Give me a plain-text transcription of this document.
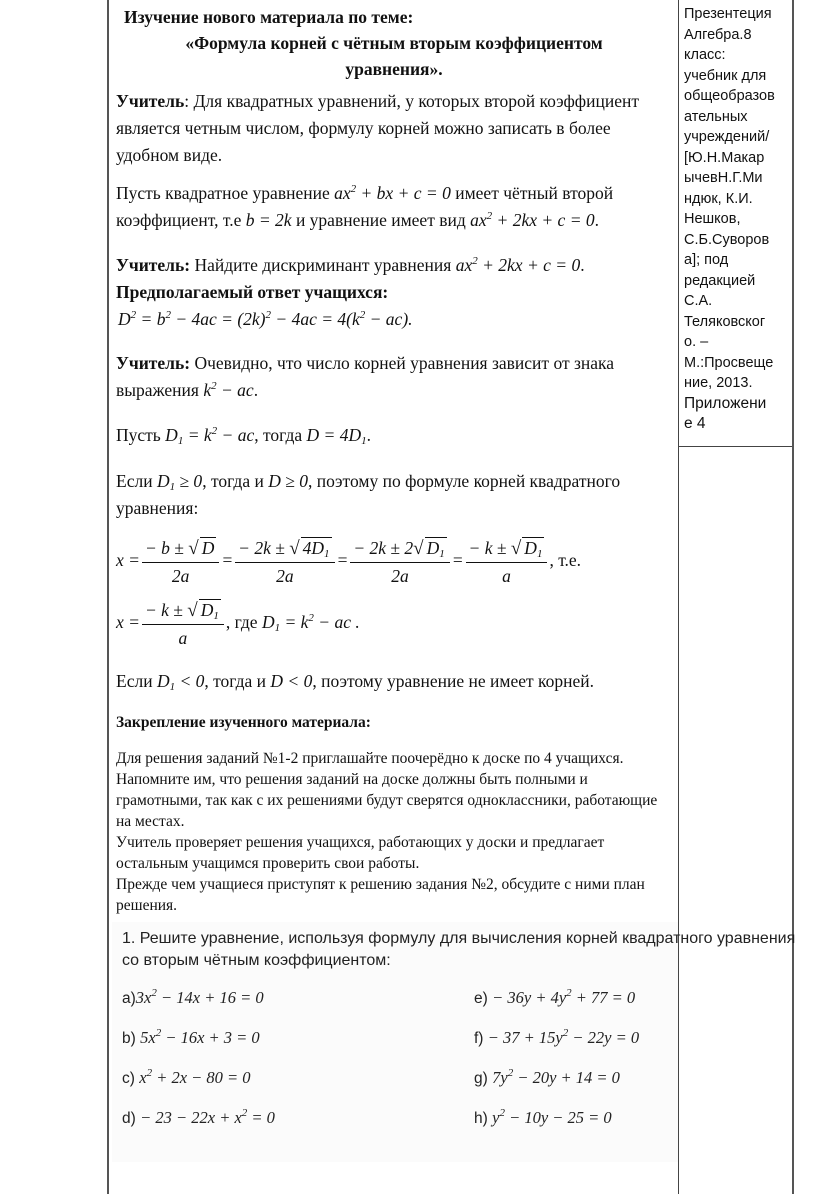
Изучение нового материала по теме:
«Формула корней с чётным вторым коэффициентом
уравнения».
Учитель: Для квадратных уравнений, у которых второй коэффициент является четным числом, формулу корней можно записать в более удобном виде.
Пусть квадратное уравнение $ax^2$ + bx + c = 0 имеет чётный второй коэффициент, т.е b = 2k и уравнение имеет вид $ax^2 + 2kx + c = 0$.
Учитель: Найдите дискриминант уравнения $ax^2 + 2kx + c = 0$.
Предполагаемый ответ учащихся:
$D^2 = b^2 - 4ac = (2k)^2 - 4ac = 4(k^2 - ac)$.
Учитель: Очевидно, что число корней уравнения зависит от знака выражения $k^2$ − ac.
Пусть $D_1 = k^2$ − ac, тогда $D = 4D_1$.
Если $D_1 \ge 0$, тогда и D ≥ 0, поэтому по формуле корней квадратного уравнения:
$x = \frac{- b \pm √ D}{2a} = \frac{- 2k \pm √ 4D_1}{2a} = \frac{- 2k \pm 2√ D_1}{2a} = \frac{- k \pm √ D_1}{a}$ , т.е.
$x = \frac{- k \pm √ D_1}{a}$ , где $D_1 = k^2$ − ac .
Если $D_1 < 0$, тогда и D < 0, поэтому уравнение не имеет корней.
Закрепление изученного материала:
Для решения заданий №1-2 приглашайте поочерёдно к доске по 4 учащихся. Напомните им, что решения заданий на доске должны быть полными и грамотными, так как с их решениями будут сверятся одноклассники, работающие на местах.
Учитель проверяет решения учащихся, работающих у доски и предлагает остальным учащимся проверить свои работы.
Прежде чем учащиеся приступят к решению задания №2, обсудите с ними план решения.
1. Решите уравнение, используя формулу для вычисления корней квадратного уравнения
со вторым чётным коэффициентом:
$a)3x^2 - 14x + 16 = 0$
b) $5x^2 - 16x + 3 = 0$
c) $x^2 + 2x - 80 = 0$
$d) - 23 - 22x + x^2 = 0$
$e) - 36y + 4y^2 + 77 = 0$
$f) - 37 + 15y^2 - 22y = 0$
g) $7y^2 - 20y + 14 = 0$
h) $y^2 - 10y - 25 = 0$
Презентеция
Алгебра.8
класс:
учебник для
общеобразов
ательных
учреждений/
[Ю.Н.Макар
ычевН.Г.Ми
ндюк, К.И.
Нешков,
С.Б.Суворов
а]; под
редакцией
С.А.
Теляковског
о. –
М.:Просвеще
ние, 2013.
Приложени
е 4
